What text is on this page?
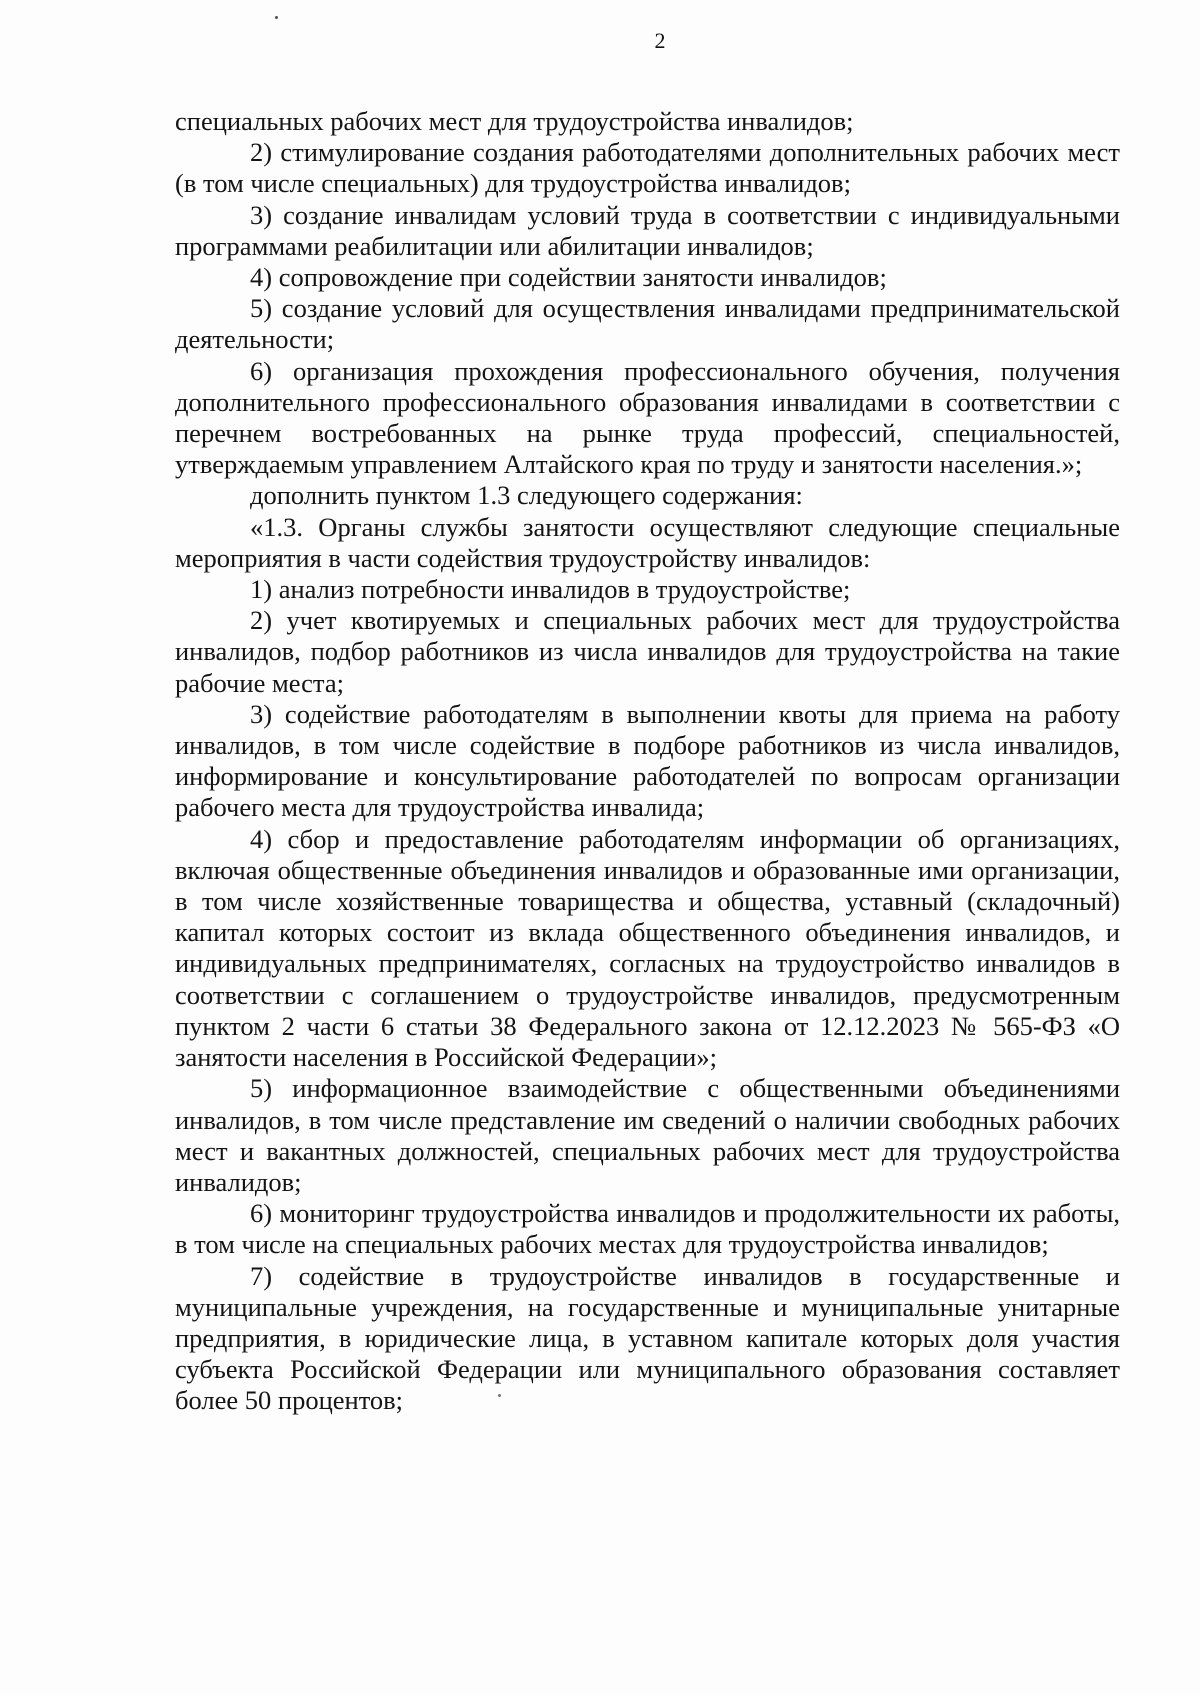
2

специальных рабочих мест для трудоустройства инвалидов;

2) стимулирование создания работодателями дополнительных рабочих мест (в том числе специальных) для трудоустройства инвалидов;

3) создание инвалидам условий труда в соответствии с индивидуальными программами реабилитации или абилитации инвалидов;

4) сопровождение при содействии занятости инвалидов;

5) создание условий для осуществления инвалидами предпринимательской деятельности;

6) организация прохождения профессионального обучения, получения дополнительного профессионального образования инвалидами в соответствии с перечнем востребованных на рынке труда профессий, специальностей, утверждаемым управлением Алтайского края по труду и занятости населения.»;

дополнить пунктом 1.3 следующего содержания:

«1.3. Органы службы занятости осуществляют следующие специальные мероприятия в части содействия трудоустройству инвалидов:

1) анализ потребности инвалидов в трудоустройстве;

2) учет квотируемых и специальных рабочих мест для трудоустройства инвалидов, подбор работников из числа инвалидов для трудоустройства на такие рабочие места;

3) содействие работодателям в выполнении квоты для приема на работу инвалидов, в том числе содействие в подборе работников из числа инвалидов, информирование и консультирование работодателей по вопросам организации рабочего места для трудоустройства инвалида;

4) сбор и предоставление работодателям информации об организациях, включая общественные объединения инвалидов и образованные ими организации, в том числе хозяйственные товарищества и общества, уставный (складочный) капитал которых состоит из вклада общественного объединения инвалидов, и индивидуальных предпринимателях, согласных на трудоустройство инвалидов в соответствии с соглашением о трудоустройстве инвалидов, предусмотренным пунктом 2 части 6 статьи 38 Федерального закона от 12.12.2023 № 565-ФЗ «О занятости населения в Российской Федерации»;

5) информационное взаимодействие с общественными объединениями инвалидов, в том числе представление им сведений о наличии свободных рабочих мест и вакантных должностей, специальных рабочих мест для трудоустройства инвалидов;

6) мониторинг трудоустройства инвалидов и продолжительности их работы, в том числе на специальных рабочих местах для трудоустройства инвалидов;

7) содействие в трудоустройстве инвалидов в государственные и муниципальные учреждения, на государственные и муниципальные унитарные предприятия, в юридические лица, в уставном капитале которых доля участия субъекта Российской Федерации или муниципального образования составляет более 50 процентов;
